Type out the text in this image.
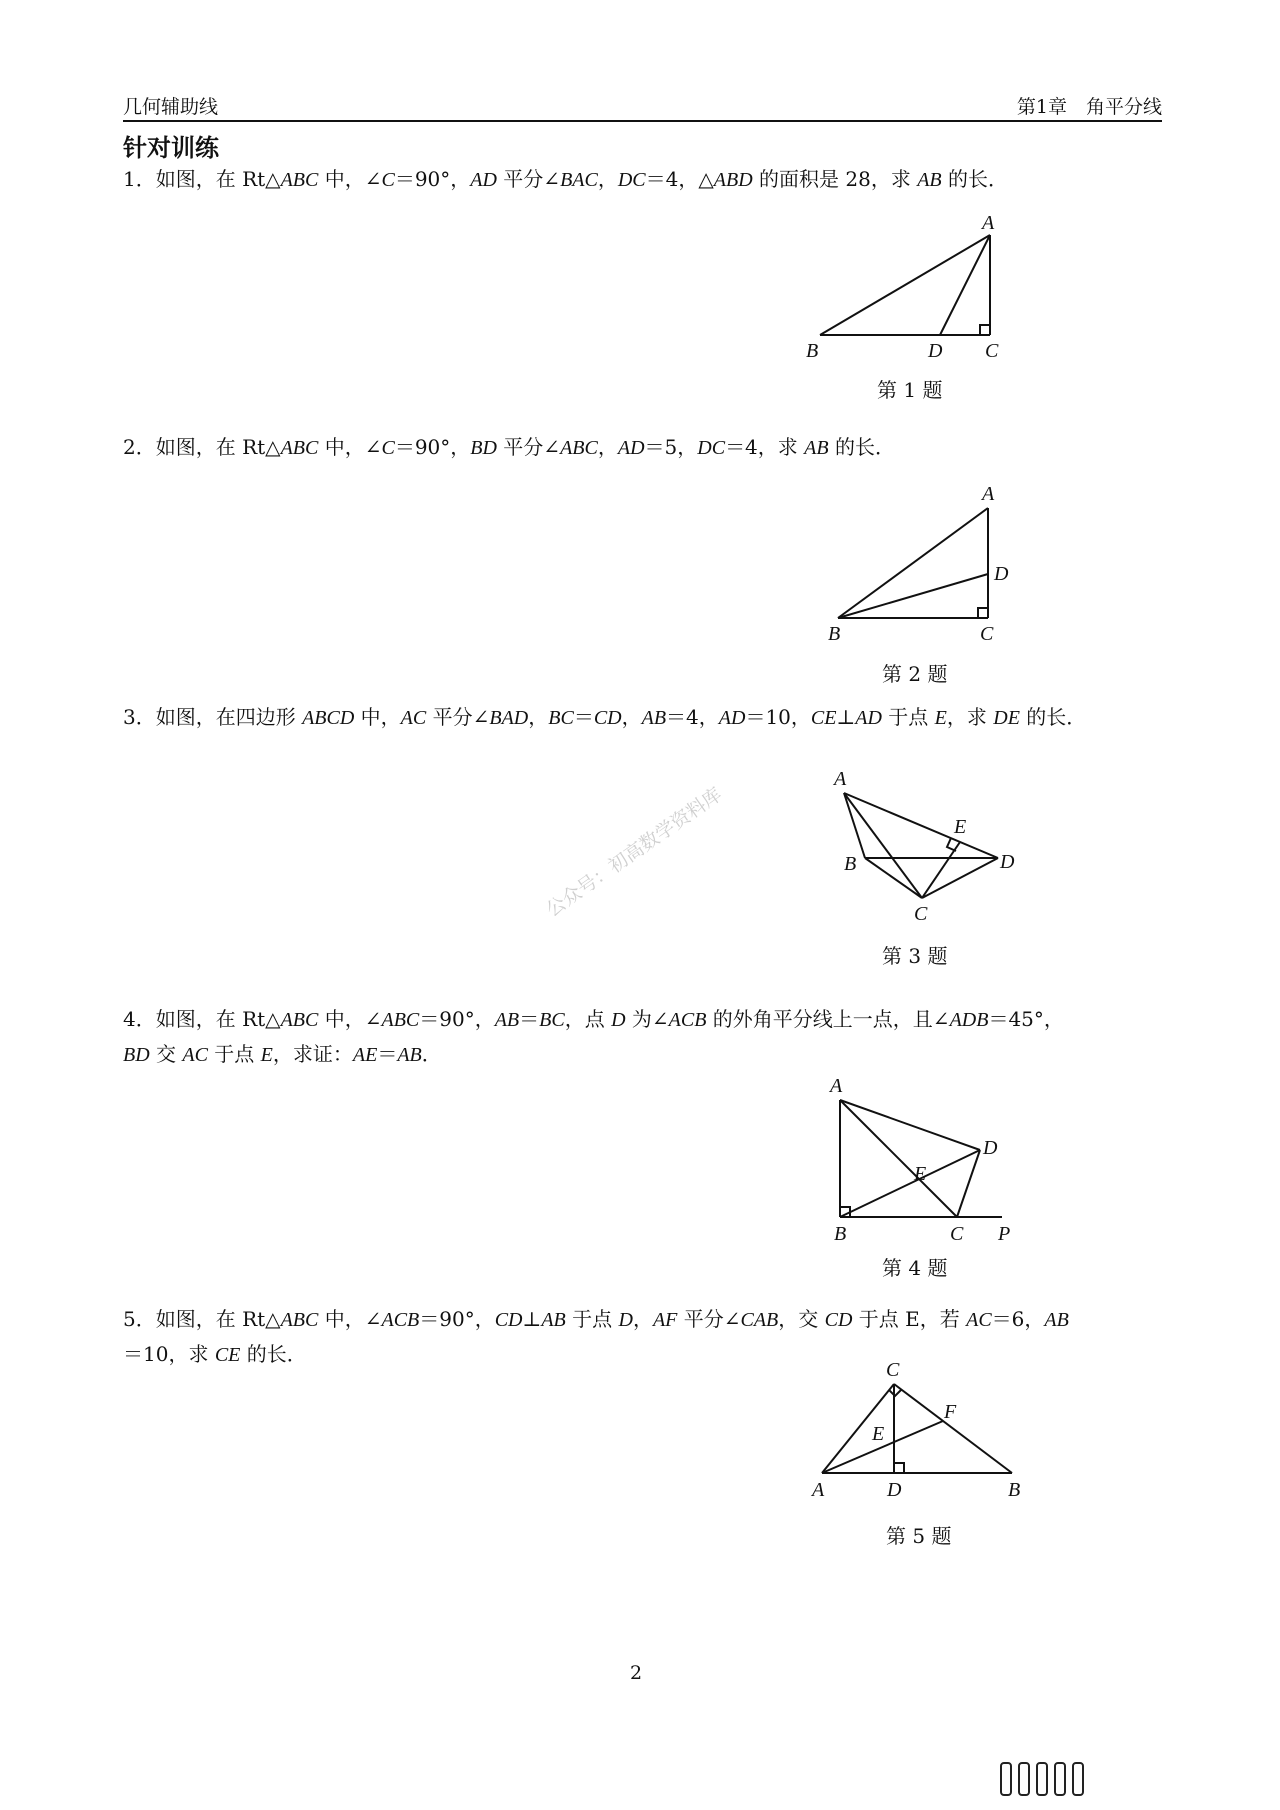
几何辅助线	第1章　角平分线
针对训练
1．如图，在 Rt△ABC 中，∠C＝90°，AD 平分∠BAC，DC＝4，△ABD 的面积是 28，求 AB 的长．
A
B	D C
第 1 题
2．如图，在 Rt△ABC 中，∠C＝90°，BD 平分∠ABC，AD＝5，DC＝4，求 AB 的长．
A
D
B	C
第 2 题
3．如图，在四边形 ABCD 中，AC 平分∠BAD，BC＝CD，AB＝4，AD＝10，CE⊥AD 于点 E，求 DE 的长．
A
E
B	D
C
第 3 题
4．如图，在 Rt△ABC 中，∠ABC＝90°，AB＝BC，点 D 为∠ACB 的外角平分线上一点，且∠ADB＝45°，
BD 交 AC 于点 E，求证：AE＝AB．
A
D
E
B	C P
第 4 题
5．如图，在 Rt△ABC 中，∠ACB＝90°，CD⊥AB 于点 D，AF 平分∠CAB，交 CD 于点 E，若 AC＝6，AB
＝10，求 CE 的长．
C
F
E
A	D	B
第 5 题
公众号：初高数学资料库
2
